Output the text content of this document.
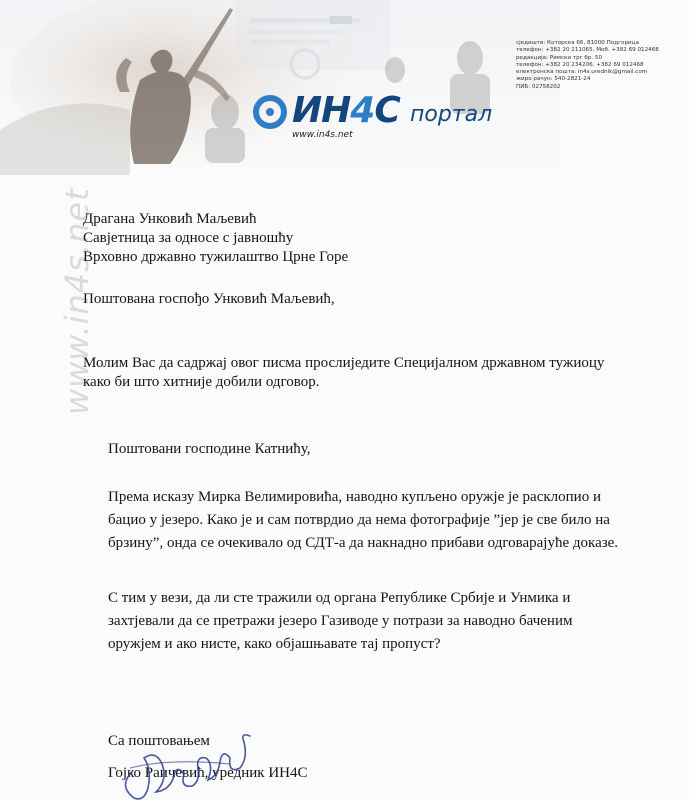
ИН4С портал
www.in4s.net
сједиште: Которска 66, 81000 Подгорица
телефон: +382 20 211065, Моб. +382 69 012468
редакција: Римски трг бр. 50
телефон: +382 20 234206, +382 69 012468
електронска пошта: in4s.urednik@gmail.com
жиро рачун: 540-2821-24
ПИБ: 02758202
www.in4s.net
Драгана Унковић Маљевић
Савјетница за односе с јавношћу
Врховно државно тужилаштво Црне Горе
Поштована госпођо Унковић Маљевић,
Молим Вас да садржај овог писма прослиједите Специјалном државном тужиоцу
како би што хитније добили одговор.
Поштовани господине Катнићу,
Према исказу Мирка Велимировића, наводно купљено оружје је расклопио и
бацио у језеро. Како је и сам потврдио да нема фотографије ”јер је све било на
брзину”, онда се очекивало од СДТ-а да накнадно прибави одговарајуће доказе.
С тим у вези, да ли сте тражили од органа Републике Србије и Унмика и
захтјевали да се претражи језеро Газиводе у потрази за наводно баченим
оружјем и ако нисте, како објашњавате тај пропуст?
Са поштовањем
Гојко Раичевић, уредник ИН4С
